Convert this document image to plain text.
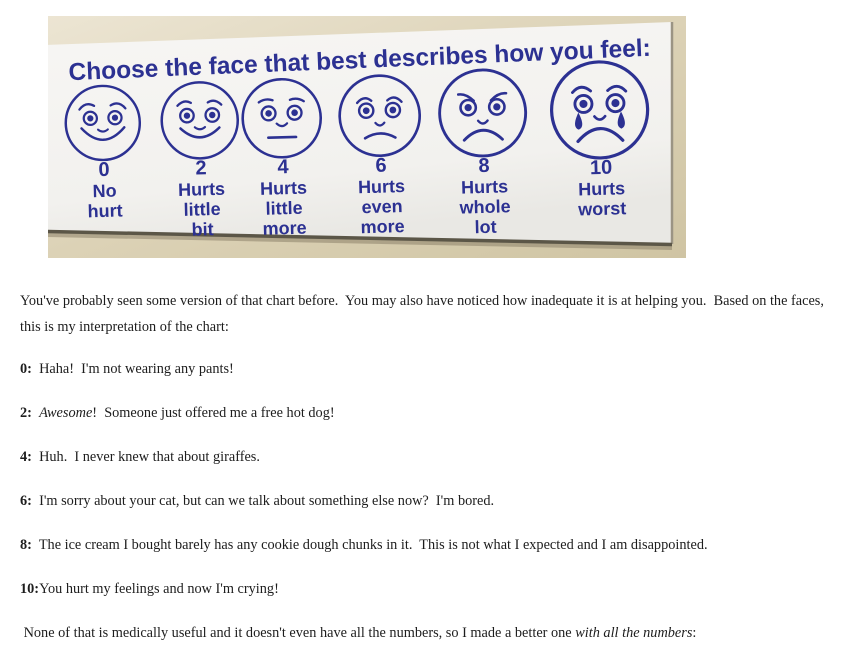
Choose the face that best describes how you feel:
0
No
hurt
2
Hurts
little
bit
4
Hurts
little
more
6
Hurts
even
more
8
Hurts
whole
lot
10
Hurts
worst

You've probably seen some version of that chart before.  You may also have noticed how inadequate it is at helping you.  Based on the faces, this is my interpretation of the chart:

0: Haha!  I'm not wearing any pants!

2: Awesome!  Someone just offered me a free hot dog!

4: Huh.  I never knew that about giraffes.

6: I'm sorry about your cat, but can we talk about something else now?  I'm bored.

8: The ice cream I bought barely has any cookie dough chunks in it.  This is not what I expected and I am disappointed.

10:You hurt my feelings and now I'm crying!

None of that is medically useful and it doesn't even have all the numbers, so I made a better one with all the numbers:
